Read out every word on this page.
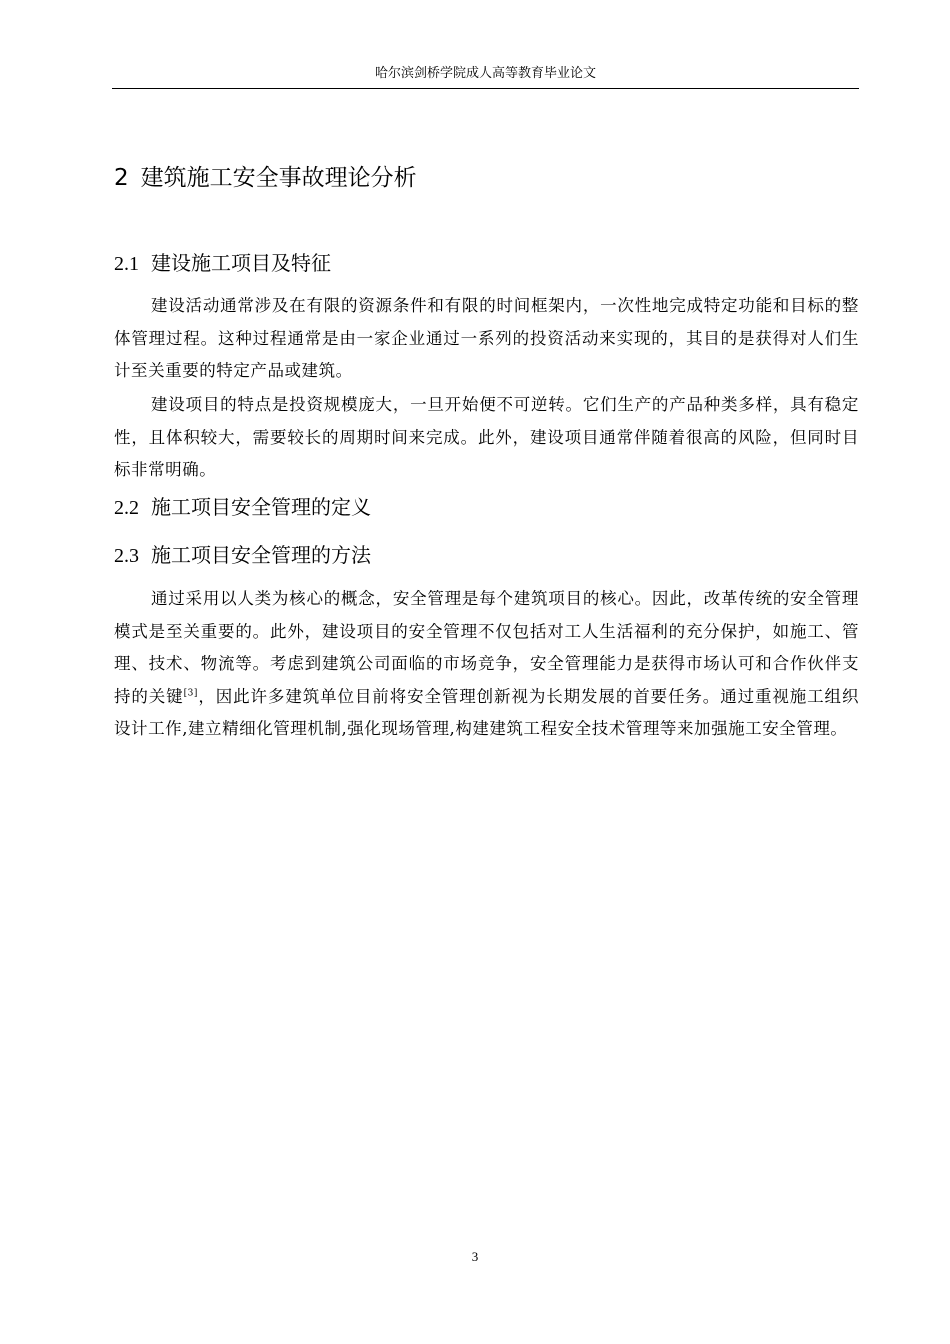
哈尔滨剑桥学院成人高等教育毕业论文
2 建筑施工安全事故理论分析
2.1 建设施工项目及特征

建设活动通常涉及在有限的资源条件和有限的时间框架内，一次性地完成特定功能和目标的整体管理过程。这种过程通常是由一家企业通过一系列的投资活动来实现的，其目的是获得对人们生计至关重要的特定产品或建筑。

建设项目的特点是投资规模庞大，一旦开始便不可逆转。它们生产的产品种类多样，具有稳定性，且体积较大，需要较长的周期时间来完成。此外，建设项目通常伴随着很高的风险，但同时目标非常明确。

2.2 施工项目安全管理的定义
2.3 施工项目安全管理的方法

通过采用以人类为核心的概念，安全管理是每个建筑项目的核心。因此，改革传统的安全管理模式是至关重要的。此外，建设项目的安全管理不仅包括对工人生活福利的充分保护，如施工、管理、技术、物流等。考虑到建筑公司面临的市场竞争，安全管理能力是获得市场认可和合作伙伴支持的关键[3]，因此许多建筑单位目前将安全管理创新视为长期发展的首要任务。通过重视施工组织设计工作,建立精细化管理机制,强化现场管理,构建建筑工程安全技术管理等来加强施工安全管理。

3
